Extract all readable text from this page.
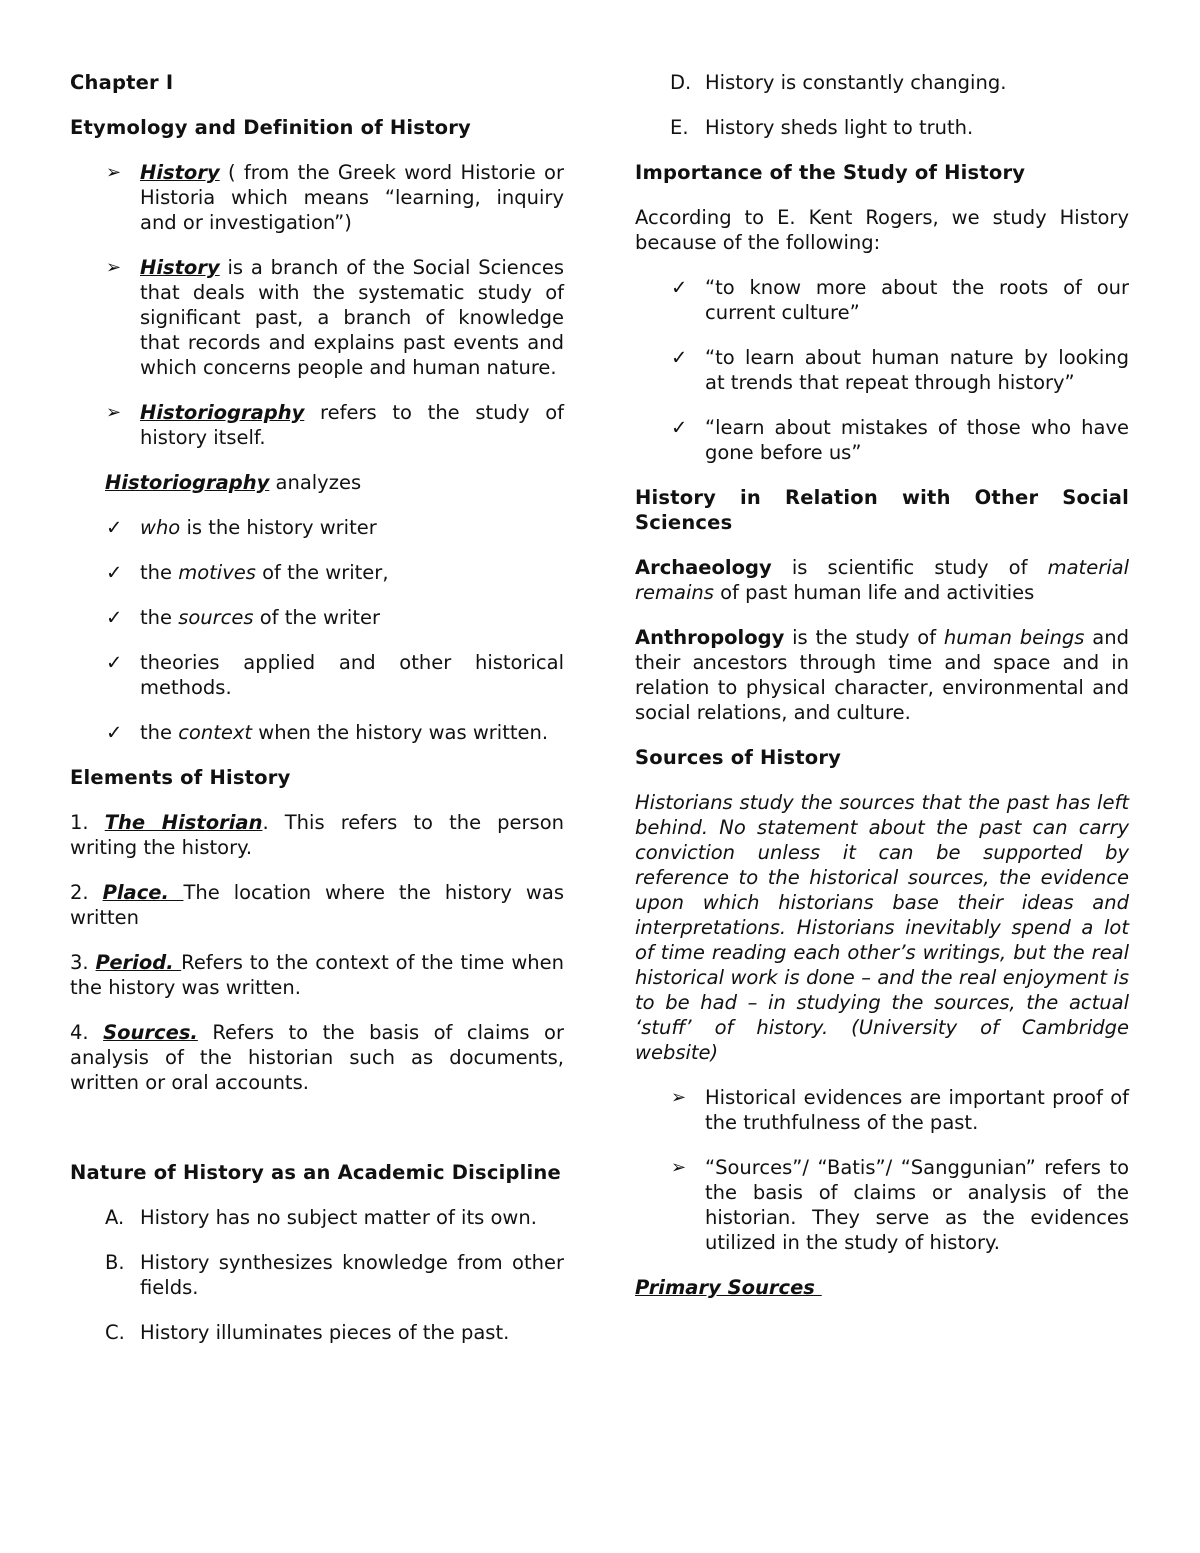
Chapter I

Etymology and Definition of History

➢ History ( from the Greek word Historie or Historia which means “learning, inquiry and or investigation”)
➢ History is a branch of the Social Sciences that deals with the systematic study of significant past, a branch of knowledge that records and explains past events and which concerns people and human nature.
➢ Historiography refers to the study of history itself.

Historiography analyzes

✓ who is the history writer
✓ the motives of the writer,
✓ the sources of the writer
✓ theories applied and other historical methods.
✓ the context when the history was written.

Elements of History

1. The Historian. This refers to the person writing the history.

2. Place. The location where the history was written

3. Period. Refers to the context of the time when the history was written.

4. Sources. Refers to the basis of claims or analysis of the historian such as documents, written or oral accounts.

Nature of History as an Academic Discipline

A. History has no subject matter of its own.
B. History synthesizes knowledge from other fields.
C. History illuminates pieces of the past.
D. History is constantly changing.
E. History sheds light to truth.

Importance of the Study of History

According to E. Kent Rogers, we study History because of the following:

✓ “to know more about the roots of our current culture”
✓ “to learn about human nature by looking at trends that repeat through history”
✓ “learn about mistakes of those who have gone before us”

History in Relation with Other Social Sciences

Archaeology is scientific study of material remains of past human life and activities

Anthropology is the study of human beings and their ancestors through time and space and in relation to physical character, environmental and social relations, and culture.

Sources of History

Historians study the sources that the past has left behind. No statement about the past can carry conviction unless it can be supported by reference to the historical sources, the evidence upon which historians base their ideas and interpretations. Historians inevitably spend a lot of time reading each other’s writings, but the real historical work is done – and the real enjoyment is to be had – in studying the sources, the actual ‘stuff’ of history. (University of Cambridge website)

➢ Historical evidences are important proof of the truthfulness of the past.
➢ “Sources”/ “Batis”/ “Sanggunian” refers to the basis of claims or analysis of the historian. They serve as the evidences utilized in the study of history.

Primary Sources
